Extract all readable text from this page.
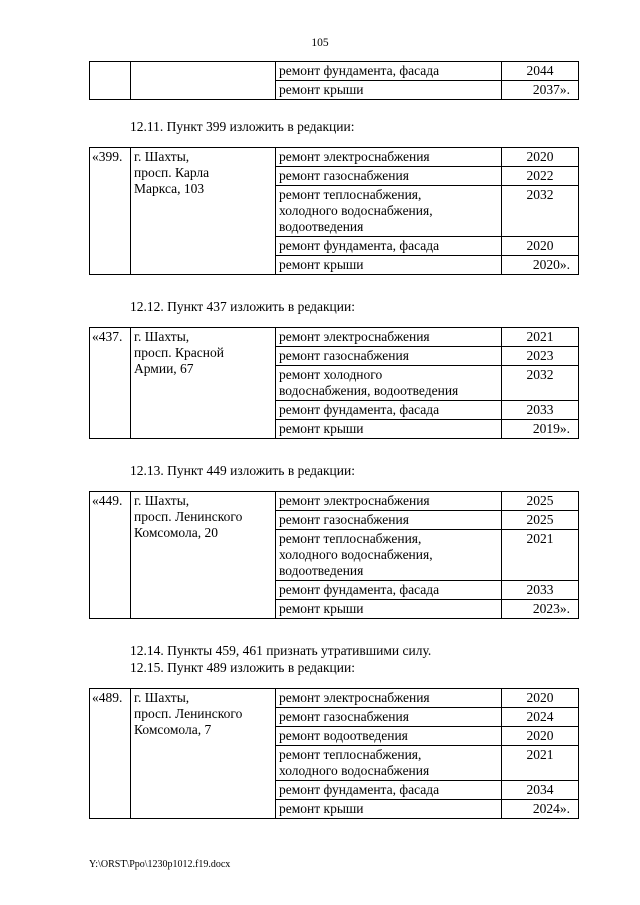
105
		ремонт фундамента, фасада	2044
		ремонт крыши	2037».
12.11. Пункт 399 изложить в редакции:
«399.	г. Шахты,
просп. Карла
Маркса, 103	ремонт электроснабжения	2020
		ремонт газоснабжения	2022
		ремонт теплоснабжения,
холодного водоснабжения,
водоотведения	2032
		ремонт фундамента, фасада	2020
		ремонт крыши	2020».
12.12. Пункт 437 изложить в редакции:
«437.	г. Шахты,
просп. Красной
Армии, 67	ремонт электроснабжения	2021
		ремонт газоснабжения	2023
		ремонт холодного
водоснабжения, водоотведения	2032
		ремонт фундамента, фасада	2033
		ремонт крыши	2019».
12.13. Пункт 449 изложить в редакции:
«449.	г. Шахты,
просп. Ленинского
Комсомола, 20	ремонт электроснабжения	2025
		ремонт газоснабжения	2025
		ремонт теплоснабжения,
холодного водоснабжения,
водоотведения	2021
		ремонт фундамента, фасада	2033
		ремонт крыши	2023».
12.14. Пункты 459, 461 признать утратившими силу.
12.15. Пункт 489 изложить в редакции:
«489.	г. Шахты,
просп. Ленинского
Комсомола, 7	ремонт электроснабжения	2020
		ремонт газоснабжения	2024
		ремонт водоотведения	2020
		ремонт теплоснабжения,
холодного водоснабжения	2021
		ремонт фундамента, фасада	2034
		ремонт крыши	2024».
Y:\ORST\Ppo\1230p1012.f19.docx
